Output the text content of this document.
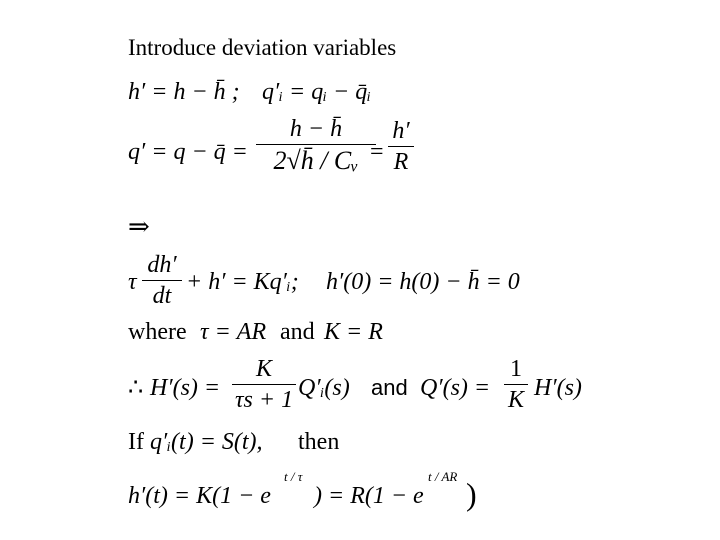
Introduce deviation variables
h′ = h − h̄ ; q′ᵢ = qᵢ − q̄ᵢ
q′ = q − q̄ =
h − h̄
2√h̄ / Cᵥ =
h′
R
⇒
τ
dh′
dt
+ h′ = Kq′ᵢ; h′(0) = h(0) − h̄ = 0
where τ = AR and K = R
∴ H′(s) =
K
τs + 1 Q′ᵢ(s) and Q′(s) =
1
K H′(s)
If q′ᵢ(t) = S(t), then
h′(t) = K(1 − e
t / τ
) = R(1 − e
t / AR )
